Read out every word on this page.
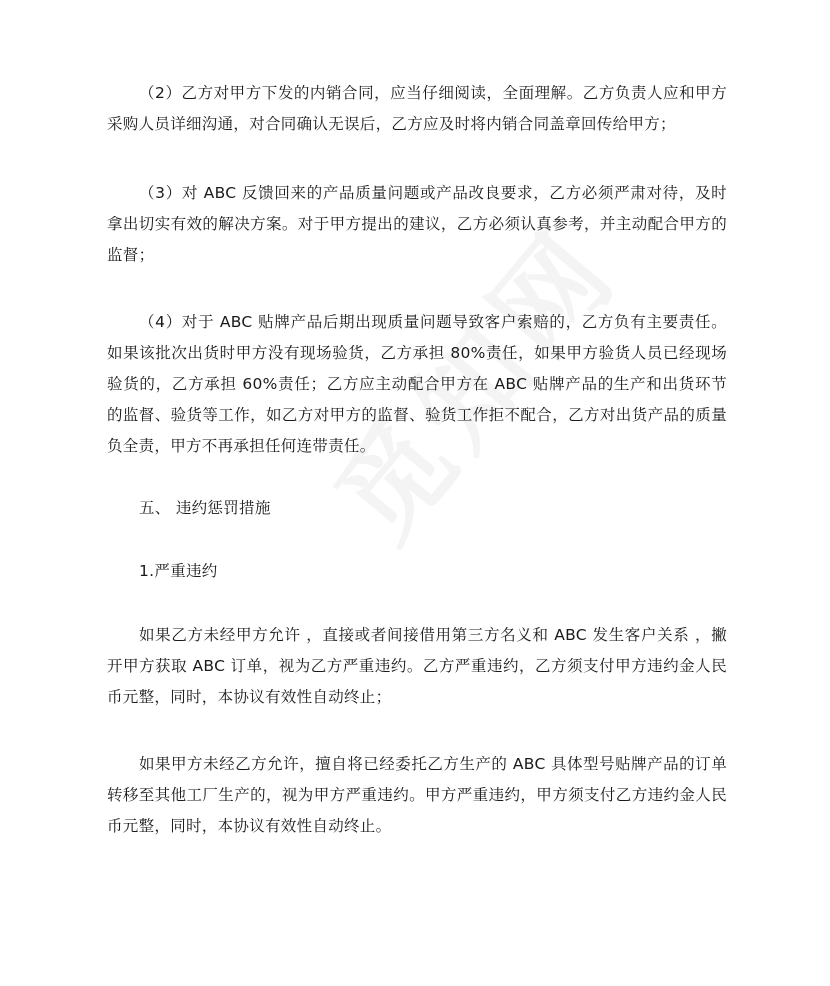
（2）乙方对甲方下发的内销合同，应当仔细阅读，全面理解。乙方负责人应和甲方采购人员详细沟通，对合同确认无误后，乙方应及时将内销合同盖章回传给甲方；

（3）对 ABC 反馈回来的产品质量问题或产品改良要求，乙方必须严肃对待，及时拿出切实有效的解决方案。对于甲方提出的建议，乙方必须认真参考，并主动配合甲方的监督；

（4）对于 ABC 贴牌产品后期出现质量问题导致客户索赔的，乙方负有主要责任。如果该批次出货时甲方没有现场验货，乙方承担 80%责任，如果甲方验货人员已经现场验货的，乙方承担 60%责任；乙方应主动配合甲方在 ABC 贴牌产品的生产和出货环节的监督、验货等工作，如乙方对甲方的监督、验货工作拒不配合，乙方对出货产品的质量负全责，甲方不再承担任何连带责任。

五、 违约惩罚措施

1.严重违约

如果乙方未经甲方允许 ，直接或者间接借用第三方名义和 ABC 发生客户关系 ，撇开甲方获取 ABC 订单，视为乙方严重违约。乙方严重违约，乙方须支付甲方违约金人民币元整，同时，本协议有效性自动终止；

如果甲方未经乙方允许，擅自将已经委托乙方生产的 ABC 具体型号贴牌产品的订单转移至其他工厂生产的，视为甲方严重违约。甲方严重违约，甲方须支付乙方违约金人民币元整，同时，本协议有效性自动终止。
